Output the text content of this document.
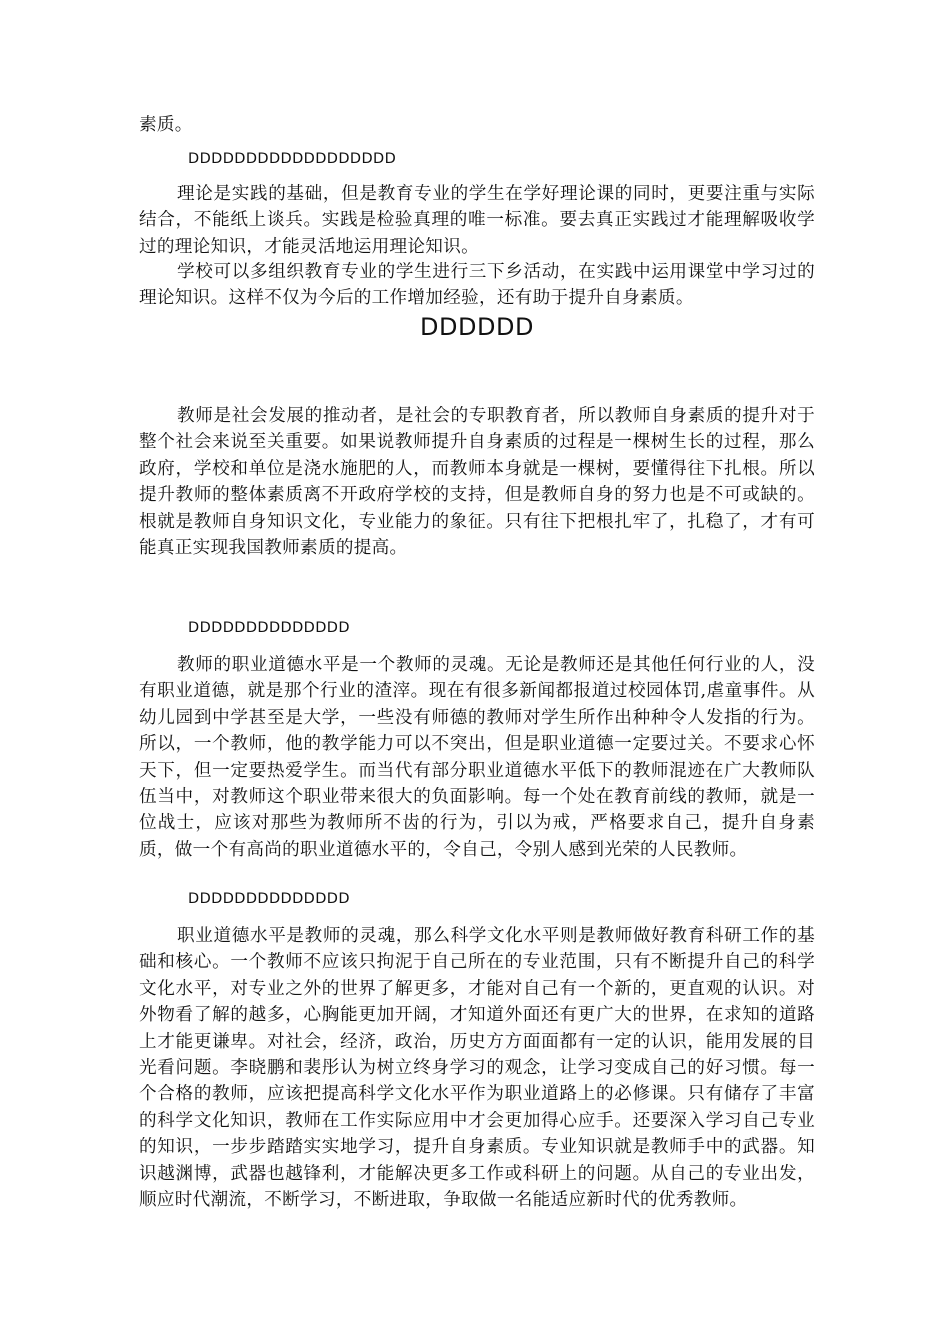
素质。

DDDDDDDDDDDDDDDDDD

理论是实践的基础，但是教育专业的学生在学好理论课的同时，更要注重与实际结合，不能纸上谈兵。实践是检验真理的唯一标准。要去真正实践过才能理解吸收学过的理论知识，才能灵活地运用理论知识。

学校可以多组织教育专业的学生进行三下乡活动，在实践中运用课堂中学习过的理论知识。这样不仅为今后的工作增加经验，还有助于提升自身素质。

DDDDDD

教师是社会发展的推动者，是社会的专职教育者，所以教师自身素质的提升对于整个社会来说至关重要。如果说教师提升自身素质的过程是一棵树生长的过程，那么政府，学校和单位是浇水施肥的人，而教师本身就是一棵树，要懂得往下扎根。所以提升教师的整体素质离不开政府学校的支持，但是教师自身的努力也是不可或缺的。根就是教师自身知识文化，专业能力的象征。只有往下把根扎牢了，扎稳了，才有可能真正实现我国教师素质的提高。

DDDDDDDDDDDDDD

教师的职业道德水平是一个教师的灵魂。无论是教师还是其他任何行业的人，没有职业道德，就是那个行业的渣滓。现在有很多新闻都报道过校园体罚,虐童事件。从幼儿园到中学甚至是大学，一些没有师德的教师对学生所作出种种令人发指的行为。所以，一个教师，他的教学能力可以不突出，但是职业道德一定要过关。不要求心怀天下，但一定要热爱学生。而当代有部分职业道德水平低下的教师混迹在广大教师队伍当中，对教师这个职业带来很大的负面影响。每一个处在教育前线的教师，就是一位战士，应该对那些为教师所不齿的行为，引以为戒，严格要求自己，提升自身素质，做一个有高尚的职业道德水平的，令自己，令别人感到光荣的人民教师。

DDDDDDDDDDDDDD

职业道德水平是教师的灵魂，那么科学文化水平则是教师做好教育科研工作的基础和核心。一个教师不应该只拘泥于自己所在的专业范围，只有不断提升自己的科学文化水平，对专业之外的世界了解更多，才能对自己有一个新的，更直观的认识。对外物看了解的越多，心胸能更加开阔，才知道外面还有更广大的世界，在求知的道路上才能更谦卑。对社会，经济，政治，历史方方面面都有一定的认识，能用发展的目光看问题。李晓鹏和裴彤认为树立终身学习的观念，让学习变成自己的好习惯。每一个合格的教师，应该把提高科学文化水平作为职业道路上的必修课。只有储存了丰富的科学文化知识，教师在工作实际应用中才会更加得心应手。还要深入学习自己专业的知识，一步步踏踏实实地学习，提升自身素质。专业知识就是教师手中的武器。知识越渊博，武器也越锋利，才能解决更多工作或科研上的问题。从自己的专业出发，顺应时代潮流，不断学习，不断进取，争取做一名能适应新时代的优秀教师。
